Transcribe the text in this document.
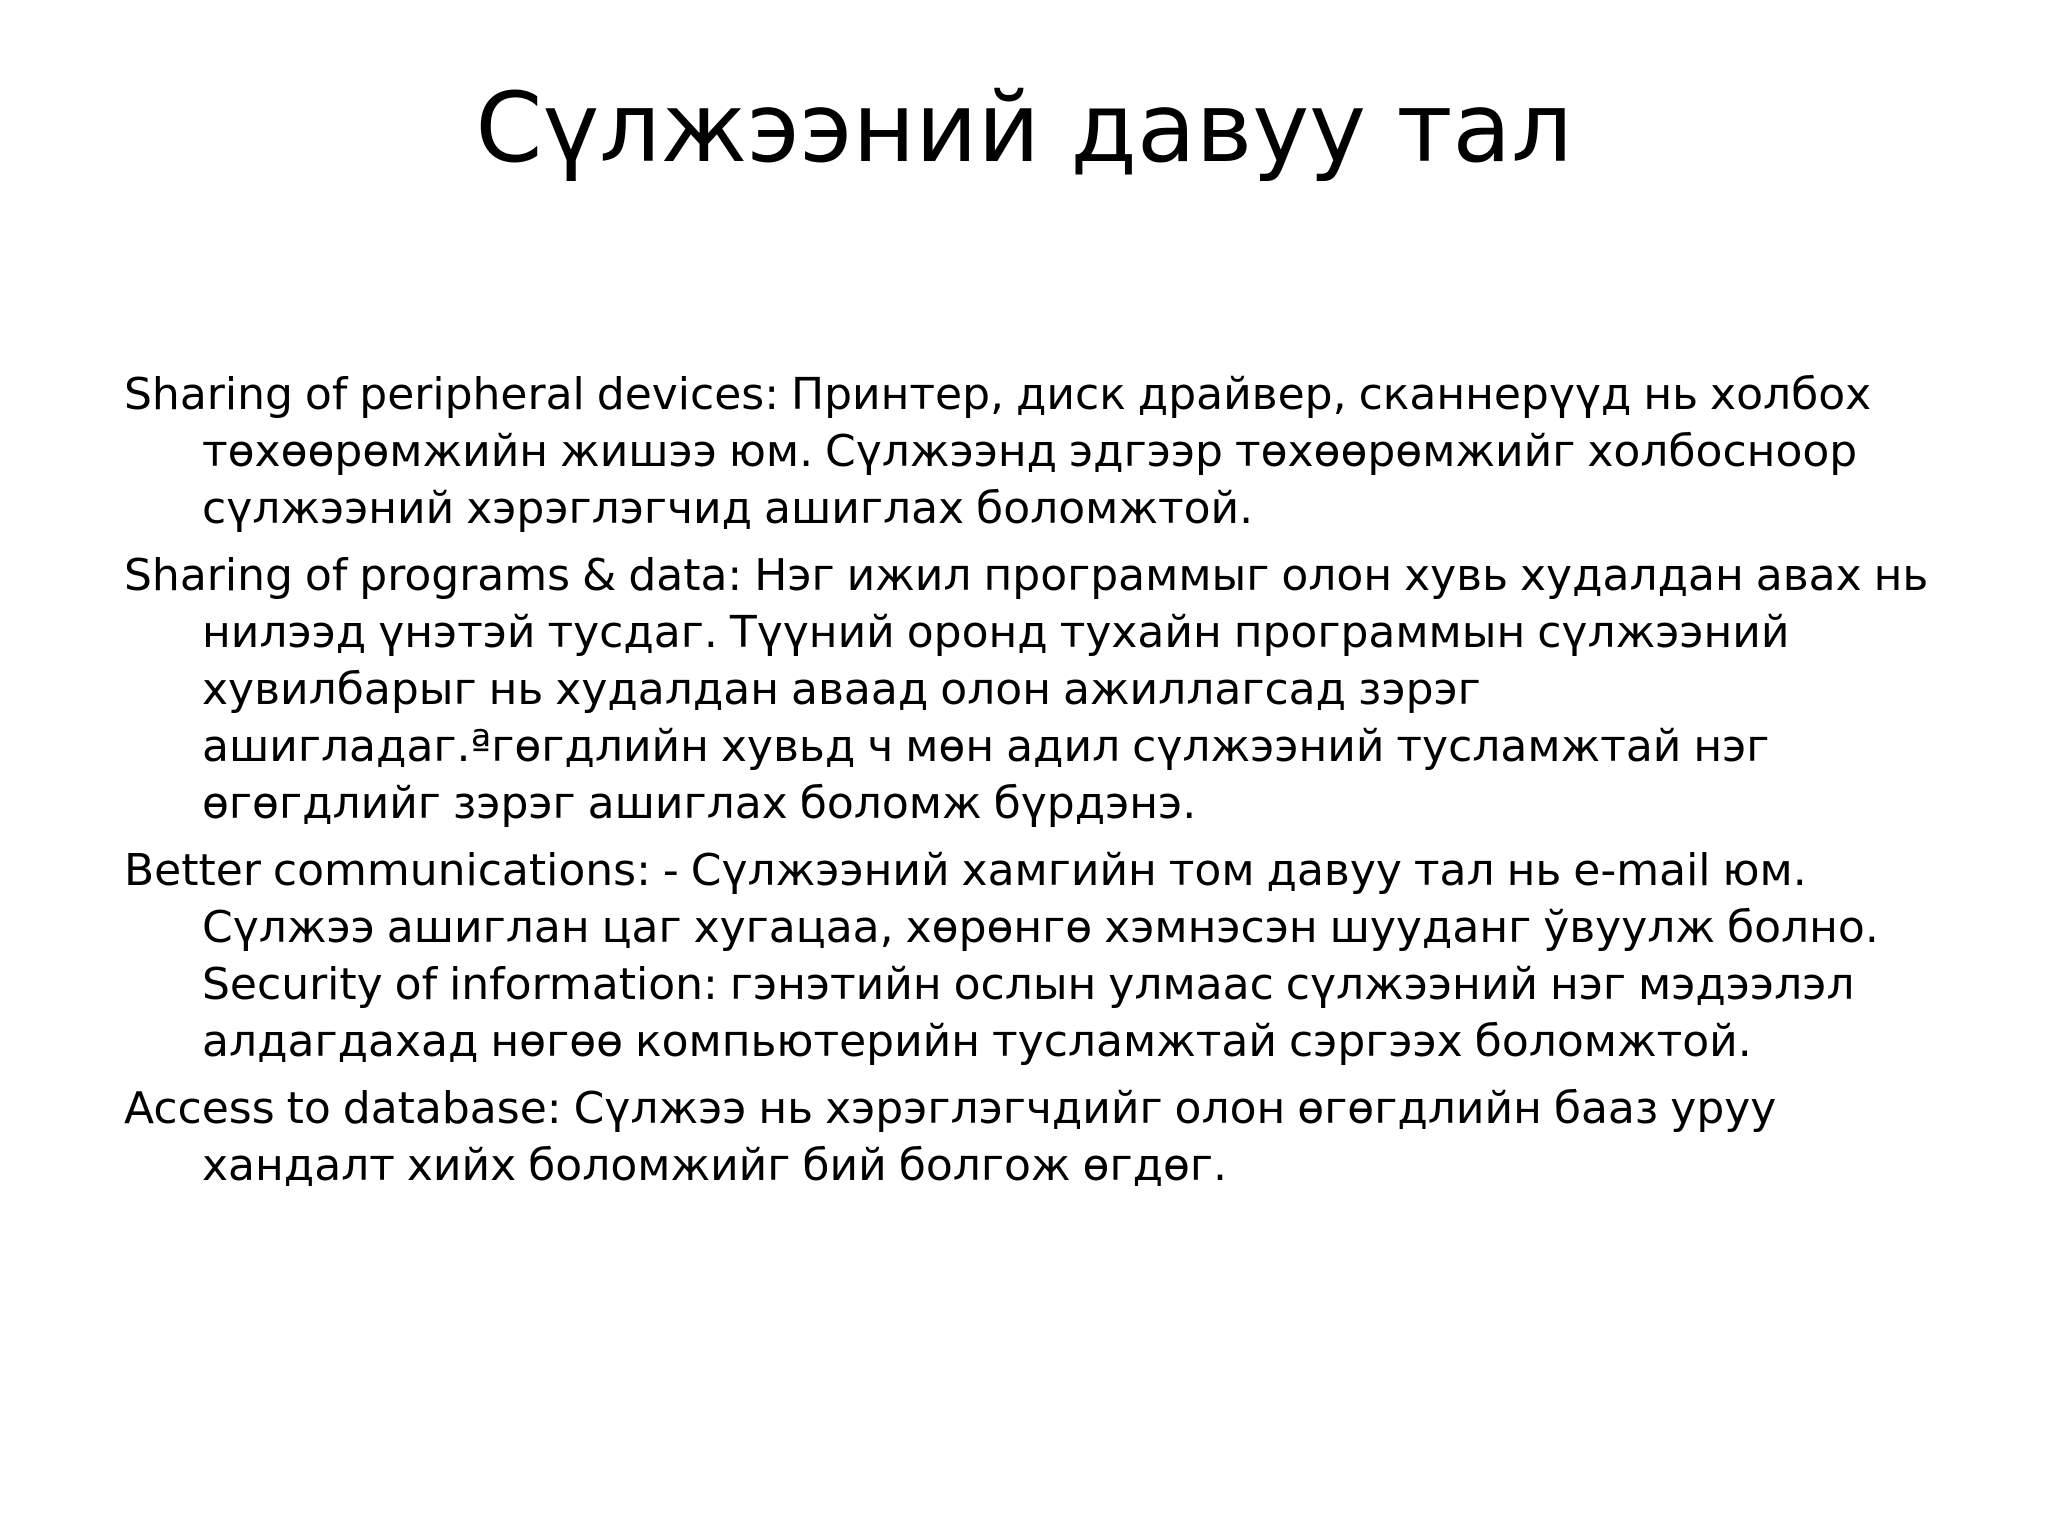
Сүлжээний давуу тал

Sharing of peripheral devices: Принтер, диск драйвер, сканнерүүд нь холбох төхөөрөмжийн жишээ юм. Сүлжээнд эдгээр төхөөрөмжийг холбосноор сүлжээний хэрэглэгчид ашиглах боломжтой.

Sharing of programs & data: Нэг ижил программыг олон хувь худалдан авах нь нилээд үнэтэй тусдаг. Түүний оронд тухайн программын сүлжээний хувилбарыг нь худалдан аваад олон ажиллагсад зэрэг ашигладаг.ªгөгдлийн хувьд ч мөн адил сүлжээний тусламжтай нэг өгөгдлийг зэрэг ашиглах боломж бүрдэнэ.

Better communications: - Сүлжээний хамгийн том давуу тал нь e-mail юм. Сүлжээ ашиглан цаг хугацаа, хөрөнгө хэмнэсэн шууданг ўвуулж болно. Security of information: гэнэтийн ослын улмаас сүлжээний нэг мэдээлэл алдагдахад нөгөө компьютерийн тусламжтай сэргээх боломжтой.

Access to database: Сүлжээ нь хэрэглэгчдийг олон өгөгдлийн бааз уруу хандалт хийх боломжийг бий болгож өгдөг.
